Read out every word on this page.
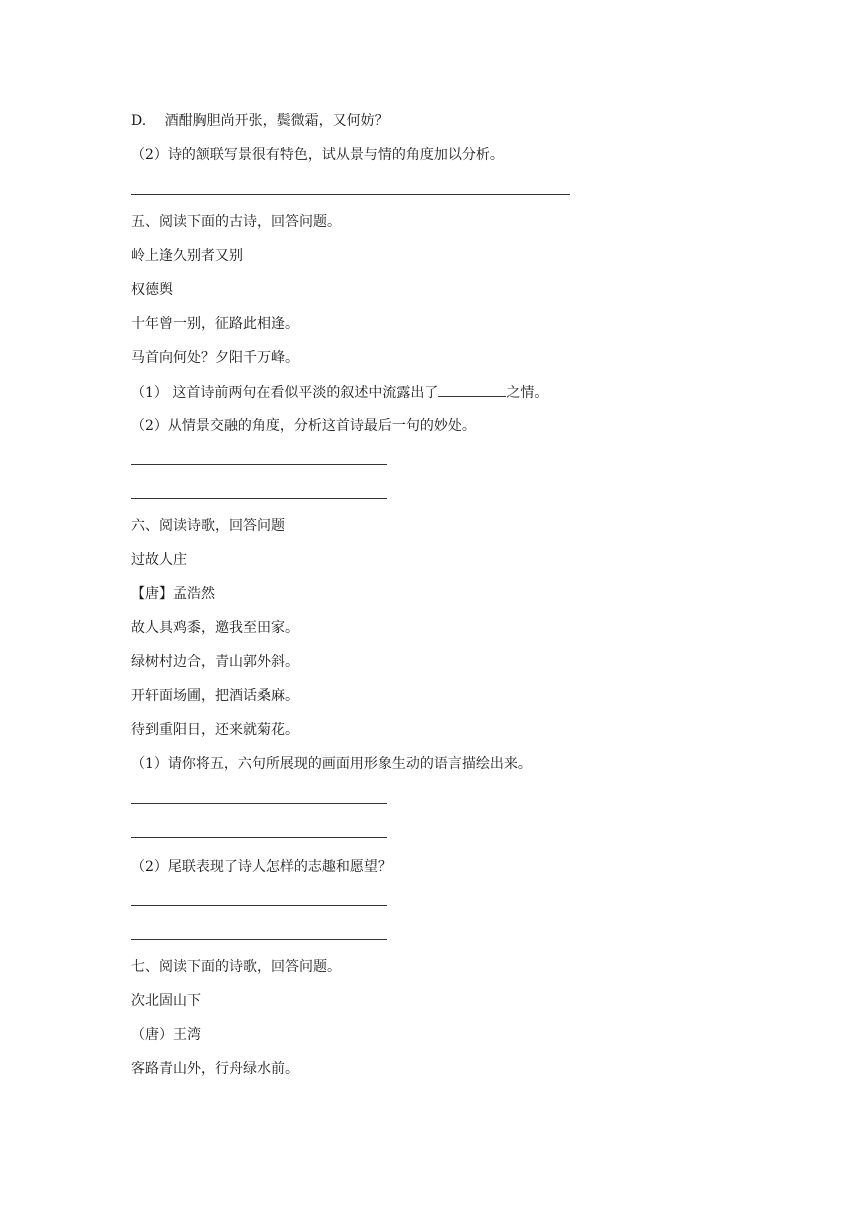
D.　 酒酣胸胆尚开张，鬓微霜，又何妨？
（2）诗的颔联写景很有特色，试从景与情的角度加以分析。
五、阅读下面的古诗，回答问题。
岭上逢久别者又别
权德舆
十年曾一别，征路此相逢。
马首向何处？夕阳千万峰。
（1） 这首诗前两句在看似平淡的叙述中流露出了	之情。
（2）从情景交融的角度，分析这首诗最后一句的妙处。
六、阅读诗歌，回答问题
过故人庄
【唐】孟浩然
故人具鸡黍，邀我至田家。
绿树村边合，青山郭外斜。
开轩面场圃，把酒话桑麻。
待到重阳日，还来就菊花。
（1）请你将五，六句所展现的画面用形象生动的语言描绘出来。
（2）尾联表现了诗人怎样的志趣和愿望？
七、阅读下面的诗歌，回答问题。
次北固山下
（唐）王湾
客路青山外，行舟绿水前。
